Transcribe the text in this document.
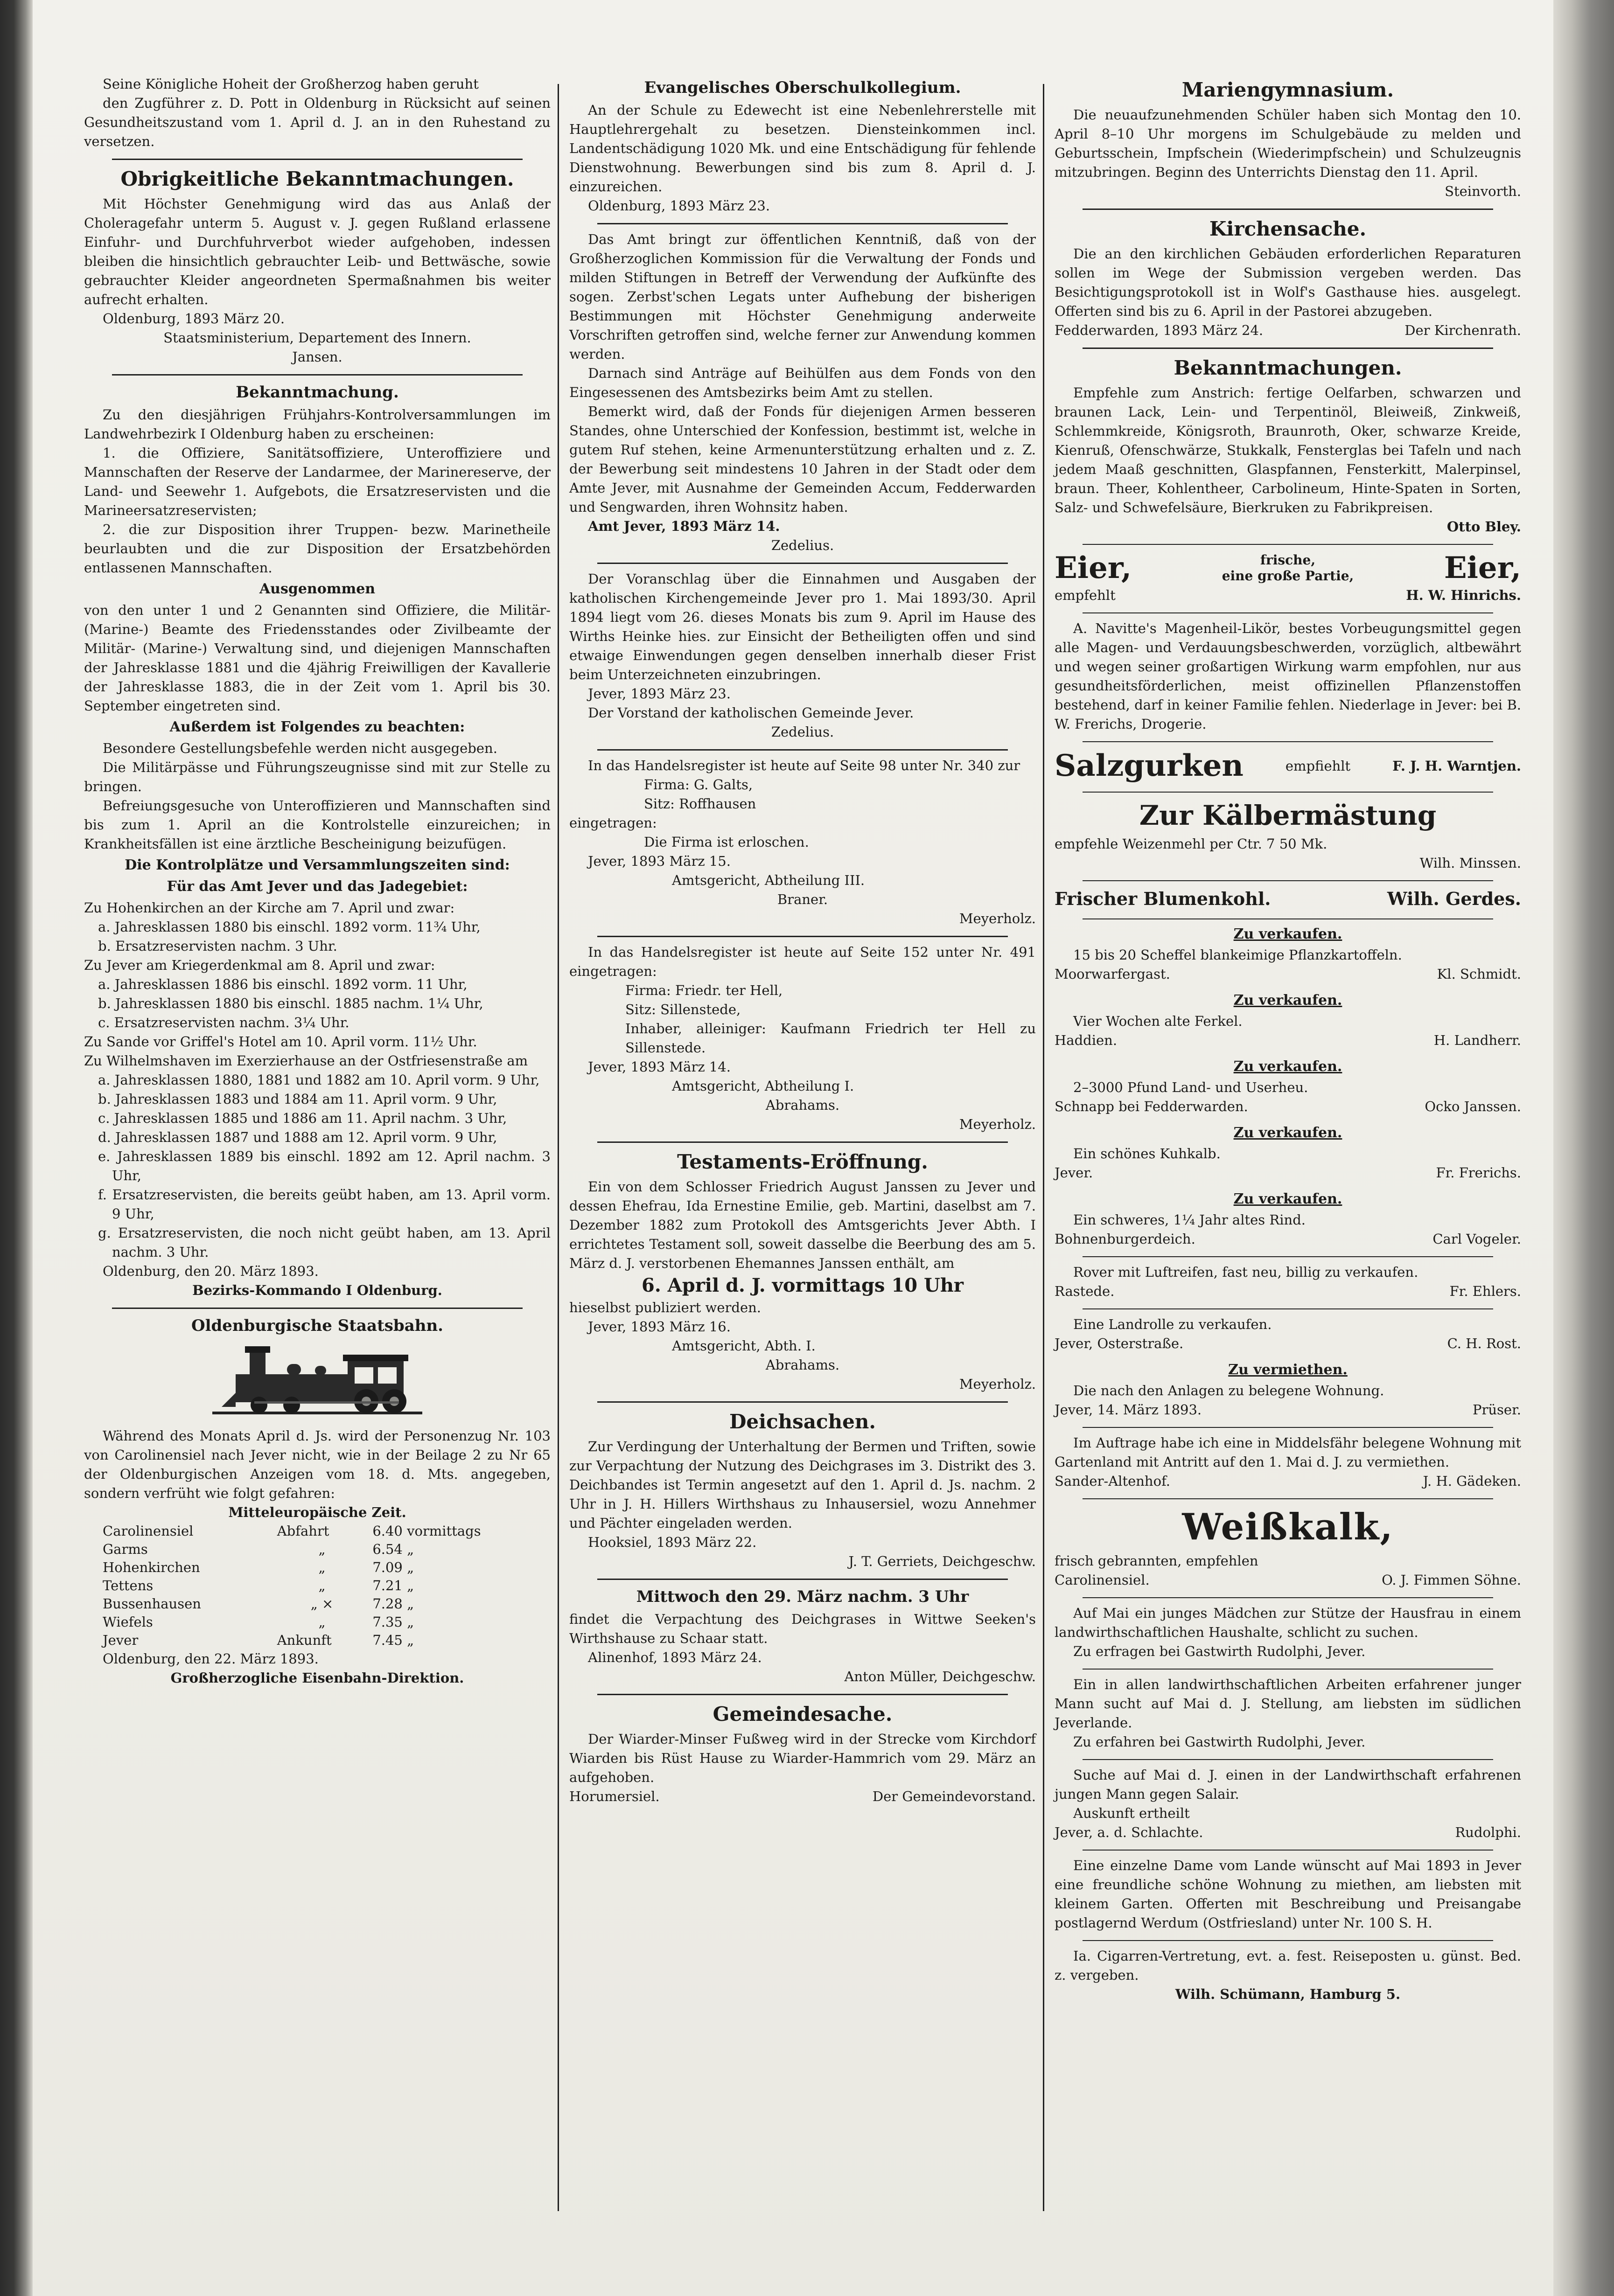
Seine Königliche Hoheit der Großherzog haben geruht

den Zugführer z. D. Pott in Oldenburg in Rücksicht auf seinen Gesundheitszustand vom 1. April d. J. an in den Ruhestand zu versetzen.

Obrigkeitliche Bekanntmachungen.

Mit Höchster Genehmigung wird das aus Anlaß der Choleragefahr unterm 5. August v. J. gegen Rußland erlassene Einfuhr- und Durchfuhrverbot wieder aufgehoben, indessen bleiben die hinsichtlich gebrauchter Leib- und Bettwäsche, sowie gebrauchter Kleider angeordneten Spermaßnahmen bis weiter aufrecht erhalten.

Oldenburg, 1893 März 20.

Staatsministerium, Departement des Innern.

Jansen.

Bekanntmachung.

Zu den diesjährigen Frühjahrs-Kontrolversammlungen im Landwehrbezirk I Oldenburg haben zu erscheinen:

1. die Offiziere, Sanitätsoffiziere, Unteroffiziere und Mannschaften der Reserve der Landarmee, der Marinereserve, der Land- und Seewehr 1. Aufgebots, die Ersatzreservisten und die Marineersatzreservisten;

2. die zur Disposition ihrer Truppen- bezw. Marinetheile beurlaubten und die zur Disposition der Ersatzbehörden entlassenen Mannschaften.

Ausgenommen

von den unter 1 und 2 Genannten sind Offiziere, die Militär- (Marine-) Beamte des Friedensstandes oder Zivilbeamte der Militär- (Marine-) Verwaltung sind, und diejenigen Mannschaften der Jahresklasse 1881 und die 4jährig Freiwilligen der Kavallerie der Jahresklasse 1883, die in der Zeit vom 1. April bis 30. September eingetreten sind.

Außerdem ist Folgendes zu beachten:

Besondere Gestellungsbefehle werden nicht ausgegeben.

Die Militärpässe und Führungszeugnisse sind mit zur Stelle zu bringen.

Befreiungsgesuche von Unteroffizieren und Mannschaften sind bis zum 1. April an die Kontrolstelle einzureichen; in Krankheitsfällen ist eine ärztliche Bescheinigung beizufügen.

Die Kontrolplätze und Versammlungszeiten sind:
Für das Amt Jever und das Jadegebiet:

Zu Hohenkirchen an der Kirche am 7. April und zwar:

a. Jahresklassen 1880 bis einschl. 1892 vorm. 11¾ Uhr,
b. Ersatzreservisten nachm. 3 Uhr.

Zu Jever am Kriegerdenkmal am 8. April und zwar:

a. Jahresklassen 1886 bis einschl. 1892 vorm. 11 Uhr,
b. Jahresklassen 1880 bis einschl. 1885 nachm. 1¼ Uhr,
c. Ersatzreservisten nachm. 3¼ Uhr.

Zu Sande vor Griffel's Hotel am 10. April vorm. 11½ Uhr.

Zu Wilhelmshaven im Exerzierhause an der Ostfriesenstraße am

a. Jahresklassen 1880, 1881 und 1882 am 10. April vorm. 9 Uhr,
b. Jahresklassen 1883 und 1884 am 11. April vorm. 9 Uhr,
c. Jahresklassen 1885 und 1886 am 11. April nachm. 3 Uhr,
d. Jahresklassen 1887 und 1888 am 12. April vorm. 9 Uhr,
e. Jahresklassen 1889 bis einschl. 1892 am 12. April nachm. 3 Uhr,
f. Ersatzreservisten, die bereits geübt haben, am 13. April vorm. 9 Uhr,
g. Ersatzreservisten, die noch nicht geübt haben, am 13. April nachm. 3 Uhr.

Oldenburg, den 20. März 1893.

Bezirks-Kommando I Oldenburg.

Oldenburgische Staatsbahn.

Während des Monats April d. Js. wird der Personenzug Nr. 103 von Carolinensiel nach Jever nicht, wie in der Beilage 2 zu Nr 65 der Oldenburgischen Anzeigen vom 18. d. Mts. angegeben, sondern verfrüht wie folgt gefahren:

Mitteleuropäische Zeit.

Carolinensiel	Abfahrt	6.40 vormittags
Garms	„	6.54 „
Hohenkirchen	„	7.09 „
Tettens	„	7.21 „
Bussenhausen	„ ×	7.28 „
Wiefels	„	7.35 „
Jever	Ankunft	7.45 „

Oldenburg, den 22. März 1893.

Großherzogliche Eisenbahn-Direktion.

Evangelisches Oberschulkollegium.

An der Schule zu Edewecht ist eine Nebenlehrerstelle mit Hauptlehrergehalt zu besetzen. Diensteinkommen incl. Landentschädigung 1020 Mk. und eine Entschädigung für fehlende Dienstwohnung. Bewerbungen sind bis zum 8. April d. J. einzureichen.

Oldenburg, 1893 März 23.

Das Amt bringt zur öffentlichen Kenntniß, daß von der Großherzoglichen Kommission für die Verwaltung der Fonds und milden Stiftungen in Betreff der Verwendung der Aufkünfte des sogen. Zerbst'schen Legats unter Aufhebung der bisherigen Bestimmungen mit Höchster Genehmigung anderweite Vorschriften getroffen sind, welche ferner zur Anwendung kommen werden.

Darnach sind Anträge auf Beihülfen aus dem Fonds von den Eingesessenen des Amtsbezirks beim Amt zu stellen.

Bemerkt wird, daß der Fonds für diejenigen Armen besseren Standes, ohne Unterschied der Konfession, bestimmt ist, welche in gutem Ruf stehen, keine Armenunterstützung erhalten und z. Z. der Bewerbung seit mindestens 10 Jahren in der Stadt oder dem Amte Jever, mit Ausnahme der Gemeinden Accum, Fedderwarden und Sengwarden, ihren Wohnsitz haben.

Amt Jever, 1893 März 14.

Zedelius.

Der Voranschlag über die Einnahmen und Ausgaben der katholischen Kirchengemeinde Jever pro 1. Mai 1893/30. April 1894 liegt vom 26. dieses Monats bis zum 9. April im Hause des Wirths Heinke hies. zur Einsicht der Betheiligten offen und sind etwaige Einwendungen gegen denselben innerhalb dieser Frist beim Unterzeichneten einzubringen.

Jever, 1893 März 23.

Der Vorstand der katholischen Gemeinde Jever.

Zedelius.

In das Handelsregister ist heute auf Seite 98 unter Nr. 340 zur

Firma: G. Galts,

Sitz: Roffhausen

eingetragen:

Die Firma ist erloschen.

Jever, 1893 März 15.

Amtsgericht, Abtheilung III.

Braner.

Meyerholz.

In das Handelsregister ist heute auf Seite 152 unter Nr. 491 eingetragen:

Firma: Friedr. ter Hell,

Sitz: Sillenstede,

Inhaber, alleiniger: Kaufmann Friedrich ter Hell zu Sillenstede.

Jever, 1893 März 14.

Amtsgericht, Abtheilung I.

Abrahams.

Meyerholz.

Testaments-Eröffnung.

Ein von dem Schlosser Friedrich August Janssen zu Jever und dessen Ehefrau, Ida Ernestine Emilie, geb. Martini, daselbst am 7. Dezember 1882 zum Protokoll des Amtsgerichts Jever Abth. I errichtetes Testament soll, soweit dasselbe die Beerbung des am 5. März d. J. verstorbenen Ehemannes Janssen enthält, am

6. April d. J. vormittags 10 Uhr

hieselbst publiziert werden.

Jever, 1893 März 16.

Amtsgericht, Abth. I.

Abrahams.

Meyerholz.

Deichsachen.

Zur Verdingung der Unterhaltung der Bermen und Triften, sowie zur Verpachtung der Nutzung des Deichgrases im 3. Distrikt des 3. Deichbandes ist Termin angesetzt auf den 1. April d. Js. nachm. 2 Uhr in J. H. Hillers Wirthshaus zu Inhausersiel, wozu Annehmer und Pächter eingeladen werden.

Hooksiel, 1893 März 22.

J. T. Gerriets, Deichgeschw.

Mittwoch den 29. März nachm. 3 Uhr

findet die Verpachtung des Deichgrases in Wittwe Seeken's Wirthshause zu Schaar statt.

Alinenhof, 1893 März 24.

Anton Müller, Deichgeschw.

Gemeindesache.

Der Wiarder-Minser Fußweg wird in der Strecke vom Kirchdorf Wiarden bis Rüst Hause zu Wiarder-Hammrich vom 29. März an aufgehoben.

Horumersiel.	Der Gemeindevorstand.
Mariengymnasium.

Die neuaufzunehmenden Schüler haben sich Montag den 10. April 8–10 Uhr morgens im Schulgebäude zu melden und Geburtsschein, Impfschein (Wiederimpfschein) und Schulzeugnis mitzubringen. Beginn des Unterrichts Dienstag den 11. April.

Steinvorth.

Kirchensache.

Die an den kirchlichen Gebäuden erforderlichen Reparaturen sollen im Wege der Submission vergeben werden. Das Besichtigungsprotokoll ist in Wolf's Gasthause hies. ausgelegt. Offerten sind bis zu 6. April in der Pastorei abzugeben.

Fedderwarden, 1893 März 24.	Der Kirchenrath.
Bekanntmachungen.

Empfehle zum Anstrich: fertige Oelfarben, schwarzen und braunen Lack, Lein- und Terpentinöl, Bleiweiß, Zinkweiß, Schlemmkreide, Königsroth, Braunroth, Oker, schwarze Kreide, Kienruß, Ofenschwärze, Stukkalk, Fensterglas bei Tafeln und nach jedem Maaß geschnitten, Glaspfannen, Fensterkitt, Malerpinsel, braun. Theer, Kohlentheer, Carbolineum, Hinte-Spaten in Sorten, Salz- und Schwefelsäure, Bierkruken zu Fabrikpreisen.

Otto Bley.

Eier,	frische,
eine große Partie,	Eier,
empfehlt	H. W. Hinrichs.

A. Navitte's Magenheil-Likör, bestes Vorbeugungsmittel gegen alle Magen- und Verdauungsbeschwerden, vorzüglich, altbewährt und wegen seiner großartigen Wirkung warm empfohlen, nur aus gesundheitsförderlichen, meist offizinellen Pflanzenstoffen bestehend, darf in keiner Familie fehlen. Niederlage in Jever: bei B. W. Frerichs, Drogerie.

Salzgurken	empfiehlt	F. J. H. Warntjen.
Zur Kälbermästung

empfehle Weizenmehl per Ctr. 7 50 Mk.

Wilh. Minssen.

Frischer Blumenkohl.	Wilh. Gerdes.
Zu verkaufen.

15 bis 20 Scheffel blankeimige Pflanzkartoffeln.

Moorwarfergast.	Kl. Schmidt.
Zu verkaufen.

Vier Wochen alte Ferkel.

Haddien.	H. Landherr.
Zu verkaufen.

2–3000 Pfund Land- und Userheu.

Schnapp bei Fedderwarden.	Ocko Janssen.
Zu verkaufen.

Ein schönes Kuhkalb.

Jever.	Fr. Frerichs.
Zu verkaufen.

Ein schweres, 1¼ Jahr altes Rind.

Bohnenburgerdeich.	Carl Vogeler.

Rover mit Luftreifen, fast neu, billig zu verkaufen.

Rastede.	Fr. Ehlers.

Eine Landrolle zu verkaufen.

Jever, Osterstraße.	C. H. Rost.
Zu vermiethen.

Die nach den Anlagen zu belegene Wohnung.

Jever, 14. März 1893.	Prüser.

Im Auftrage habe ich eine in Middelsfähr belegene Wohnung mit Gartenland mit Antritt auf den 1. Mai d. J. zu vermiethen.

Sander-Altenhof.	J. H. Gädeken.
Weißkalk,

frisch gebrannten, empfehlen

Carolinensiel.	O. J. Fimmen Söhne.

Auf Mai ein junges Mädchen zur Stütze der Hausfrau in einem landwirthschaftlichen Haushalte, schlicht zu suchen.

Zu erfragen bei Gastwirth Rudolphi, Jever.

Ein in allen landwirthschaftlichen Arbeiten erfahrener junger Mann sucht auf Mai d. J. Stellung, am liebsten im südlichen Jeverlande.

Zu erfahren bei Gastwirth Rudolphi, Jever.

Suche auf Mai d. J. einen in der Landwirthschaft erfahrenen jungen Mann gegen Salair.

Auskunft ertheilt

Jever, a. d. Schlachte.	Rudolphi.

Eine einzelne Dame vom Lande wünscht auf Mai 1893 in Jever eine freundliche schöne Wohnung zu miethen, am liebsten mit kleinem Garten. Offerten mit Beschreibung und Preisangabe postlagernd Werdum (Ostfriesland) unter Nr. 100 S. H.

Ia. Cigarren-Vertretung, evt. a. fest. Reiseposten u. günst. Bed. z. vergeben.

Wilh. Schümann, Hamburg 5.
